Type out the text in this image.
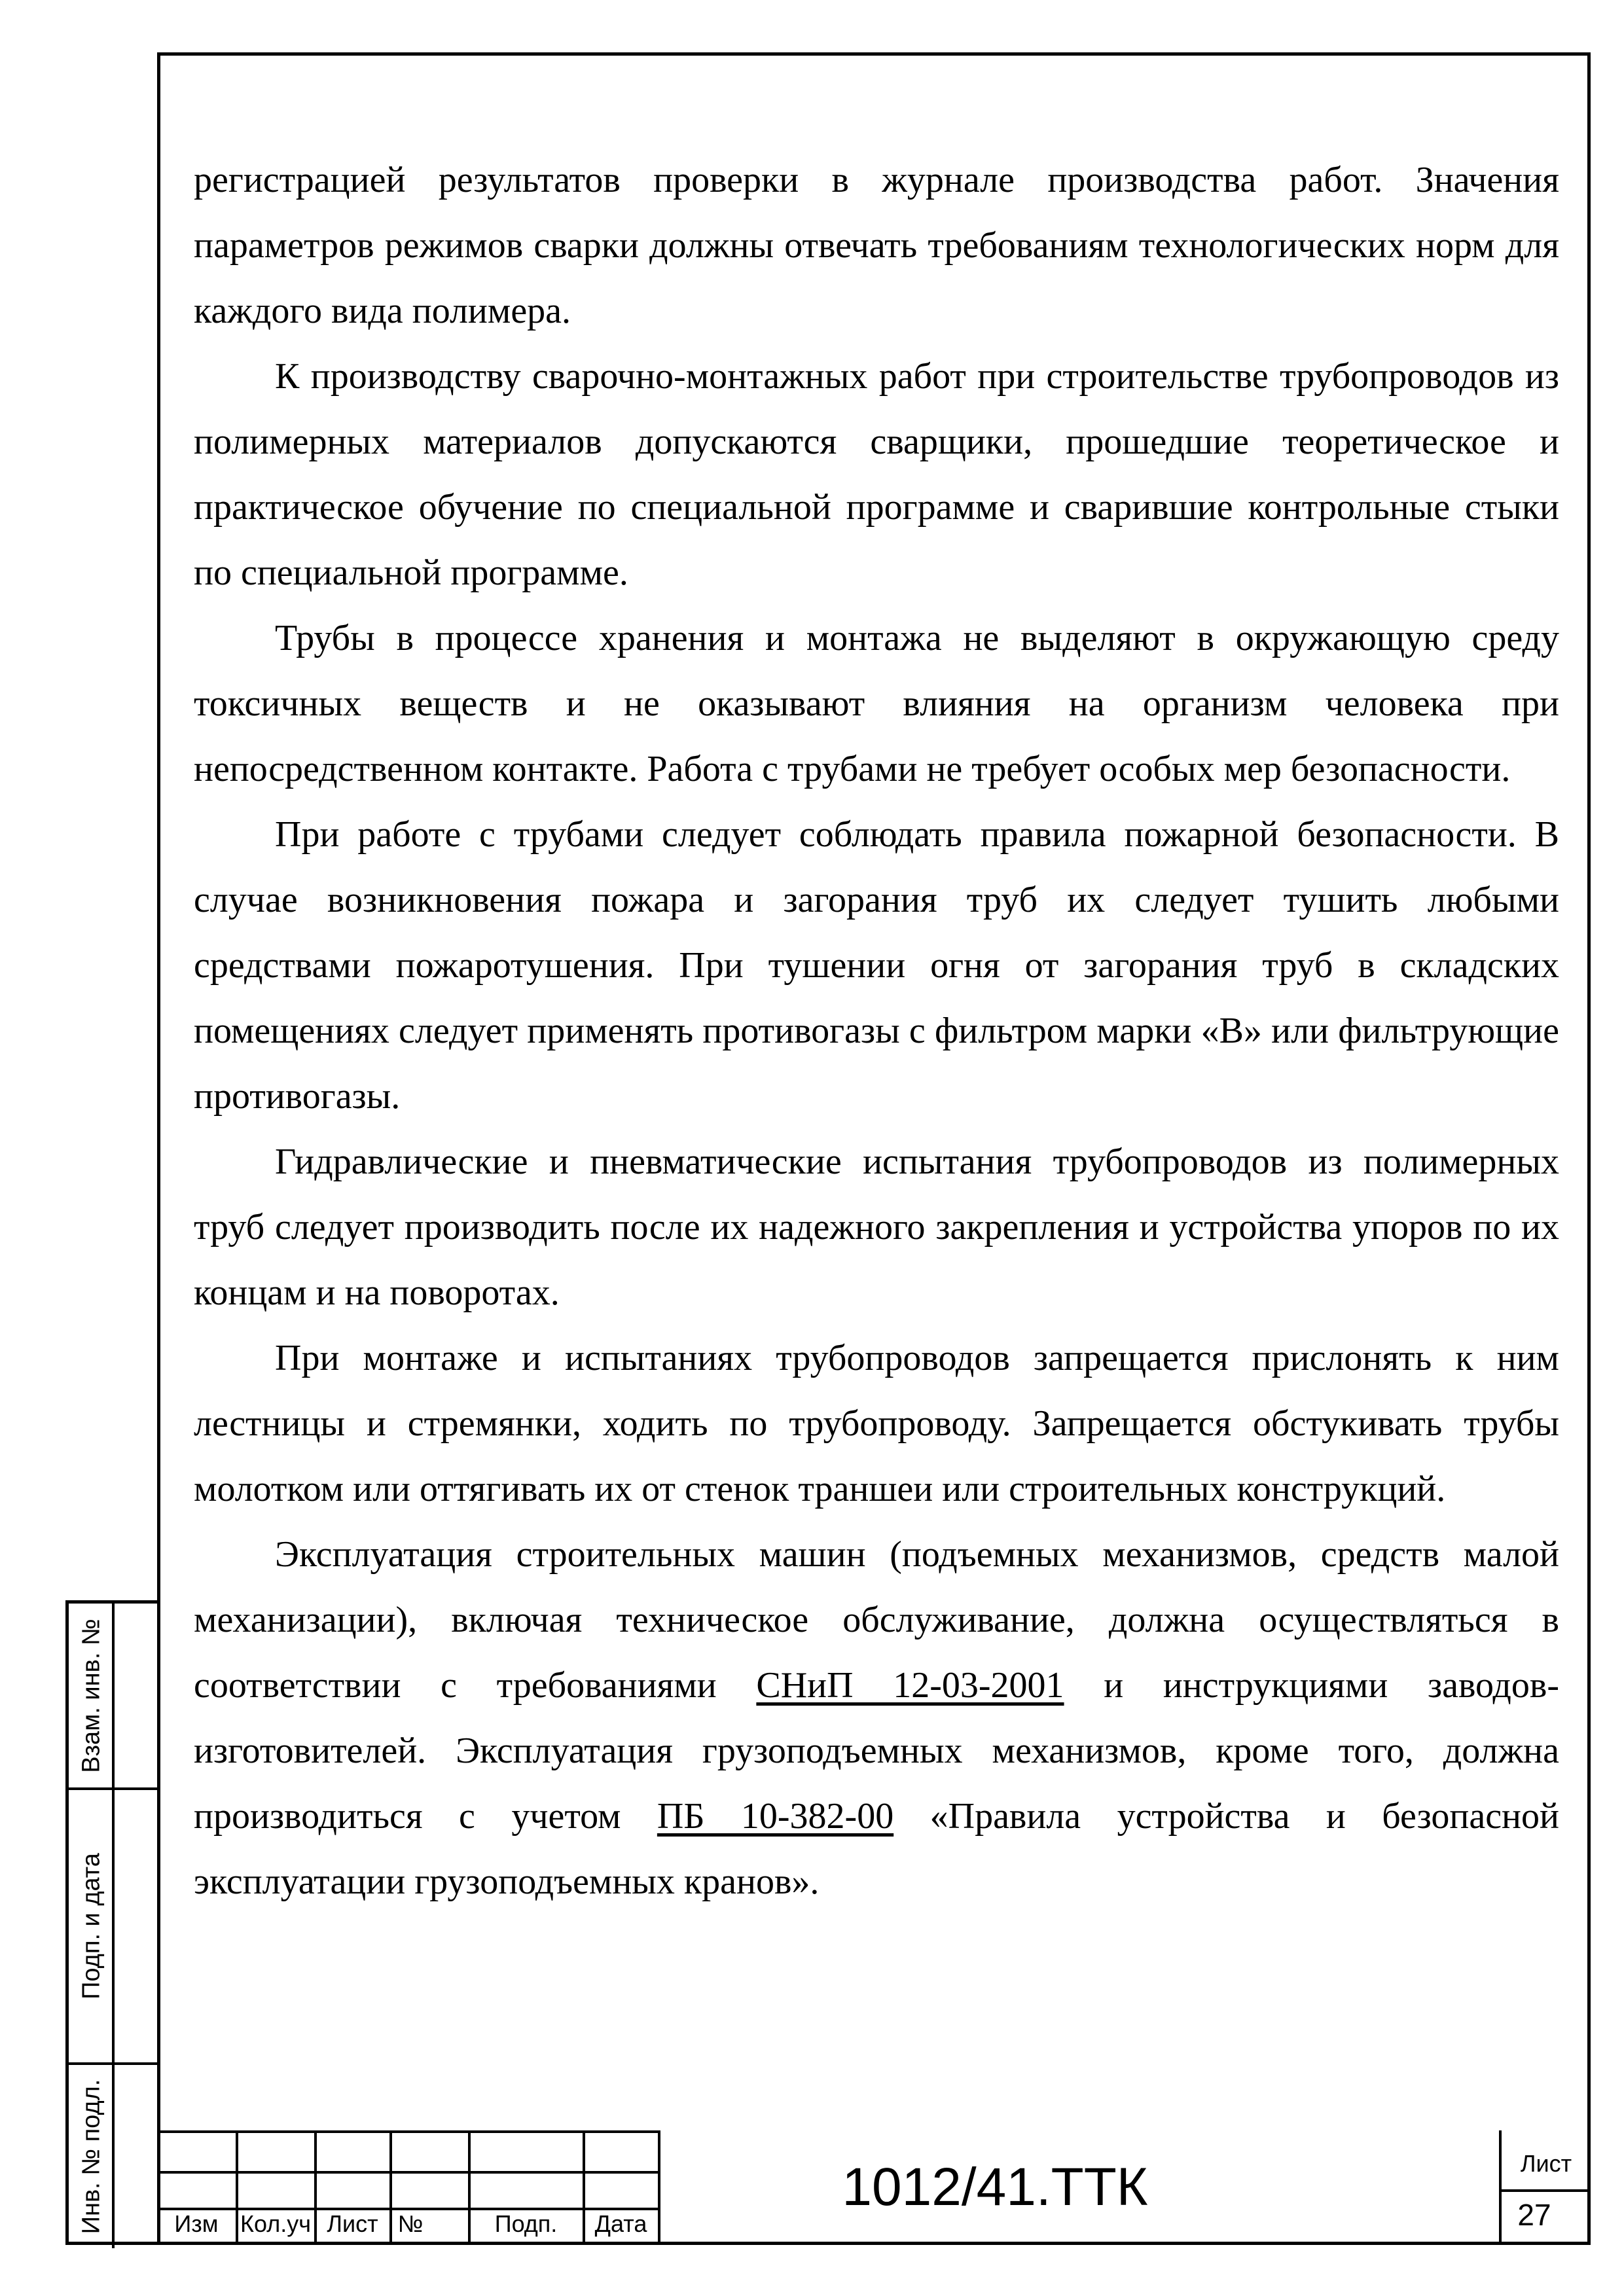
регистрацией результатов проверки в журнале производства работ. Значения параметров режимов сварки должны отвечать требованиям технологических норм для каждого вида полимера.

К производству сварочно-монтажных работ при строительстве трубопроводов из полимерных материалов допускаются сварщики, прошедшие теоретическое и практическое обучение по специальной программе и сварившие контрольные стыки по специальной программе.

Трубы в процессе хранения и монтажа не выделяют в окружающую среду токсичных веществ и не оказывают влияния на организм человека при непосредственном контакте. Работа с трубами не требует особых мер безопасности.

При работе с трубами следует соблюдать правила пожарной безопасности. В случае возникновения пожара и загорания труб их следует тушить любыми средствами пожаротушения. При тушении огня от загорания труб в складских помещениях следует применять противогазы с фильтром марки «В» или фильтрующие противогазы.

Гидравлические и пневматические испытания трубопроводов из полимерных труб следует производить после их надежного закрепления и устройства упоров по их концам и на поворотах.

При монтаже и испытаниях трубопроводов запрещается прислонять к ним лестницы и стремянки, ходить по трубопроводу. Запрещается обстукивать трубы молотком или оттягивать их от стенок траншеи или строительных конструкций.

Эксплуатация строительных машин (подъемных механизмов, средств малой механизации), включая техническое обслуживание, должна осуществляться в соответствии с требованиями СНиП 12-03-2001 и инструкциями заводов-изготовителей. Эксплуатация грузоподъемных механизмов, кроме того, должна производиться с учетом ПБ 10-382-00 «Правила устройства и безопасной эксплуатации грузоподъемных кранов».

Взам. инв. №
Подп. и дата
Инв. № подл.	Изм Кол.уч Лист №	Подп.	Дата
1012/41.ТТК	Лист
27
